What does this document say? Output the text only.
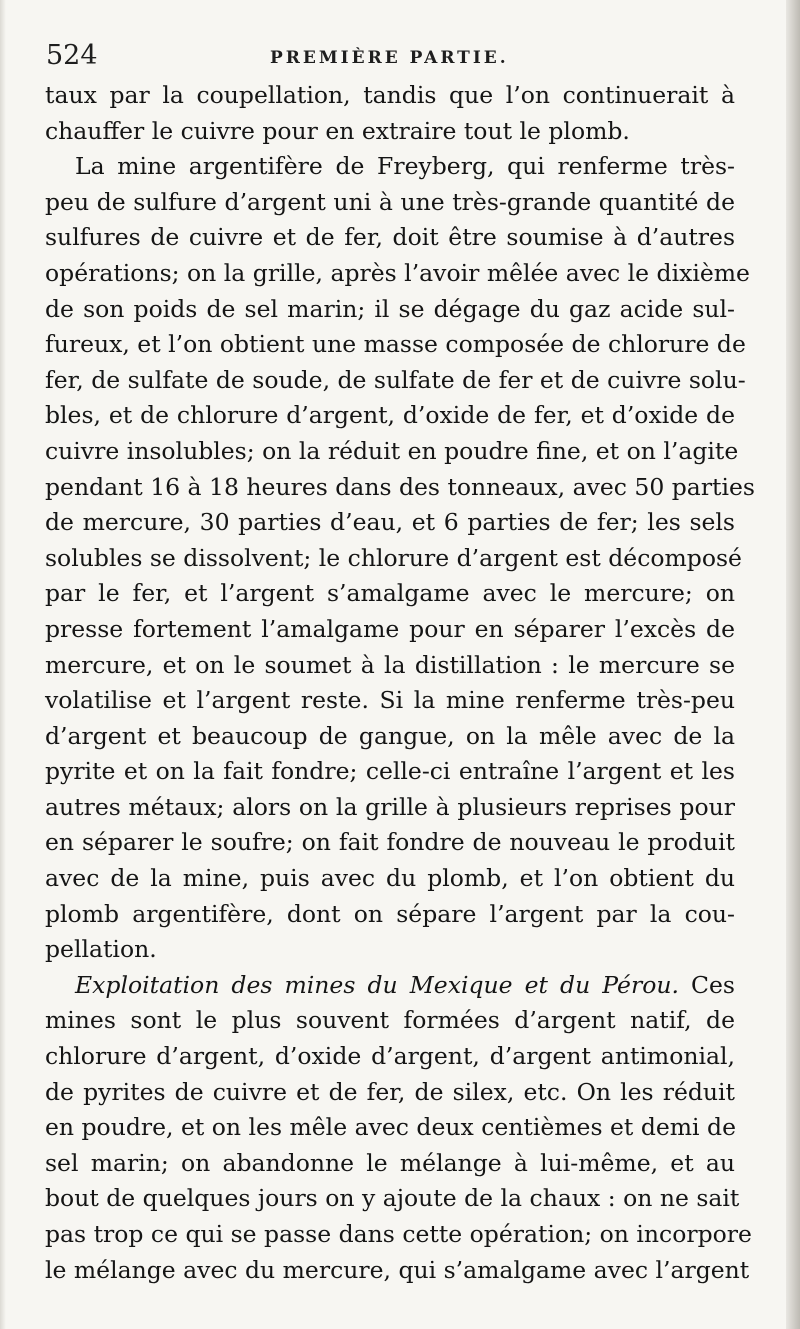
524	PREMIÈRE PARTIE.
taux par la coupellation, tandis que l’on continuerait à
chauffer le cuivre pour en extraire tout le plomb.
La mine argentifère de Freyberg, qui renferme très-
peu de sulfure d’argent uni à une très-grande quantité de
sulfures de cuivre et de fer, doit être soumise à d’autres
opérations; on la grille, après l’avoir mêlée avec le dixième
de son poids de sel marin; il se dégage du gaz acide sul-
fureux, et l’on obtient une masse composée de chlorure de
fer, de sulfate de soude, de sulfate de fer et de cuivre solu-
bles, et de chlorure d’argent, d’oxide de fer, et d’oxide de
cuivre insolubles; on la réduit en poudre fine, et on l’agite
pendant 16 à 18 heures dans des tonneaux, avec 50 parties
de mercure, 30 parties d’eau, et 6 parties de fer; les sels
solubles se dissolvent; le chlorure d’argent est décomposé
par le fer, et l’argent s’amalgame avec le mercure; on
presse fortement l’amalgame pour en séparer l’excès de
mercure, et on le soumet à la distillation : le mercure se
volatilise et l’argent reste. Si la mine renferme très-peu
d’argent et beaucoup de gangue, on la mêle avec de la
pyrite et on la fait fondre; celle-ci entraîne l’argent et les
autres métaux; alors on la grille à plusieurs reprises pour
en séparer le soufre; on fait fondre de nouveau le produit
avec de la mine, puis avec du plomb, et l’on obtient du
plomb argentifère, dont on sépare l’argent par la cou-
pellation.
Exploitation des mines du Mexique et du Pérou. Ces
mines sont le plus souvent formées d’argent natif, de
chlorure d’argent, d’oxide d’argent, d’argent antimonial,
de pyrites de cuivre et de fer, de silex, etc. On les réduit
en poudre, et on les mêle avec deux centièmes et demi de
sel marin; on abandonne le mélange à lui-même, et au
bout de quelques jours on y ajoute de la chaux : on ne sait
pas trop ce qui se passe dans cette opération; on incorpore
le mélange avec du mercure, qui s’amalgame avec l’argent
